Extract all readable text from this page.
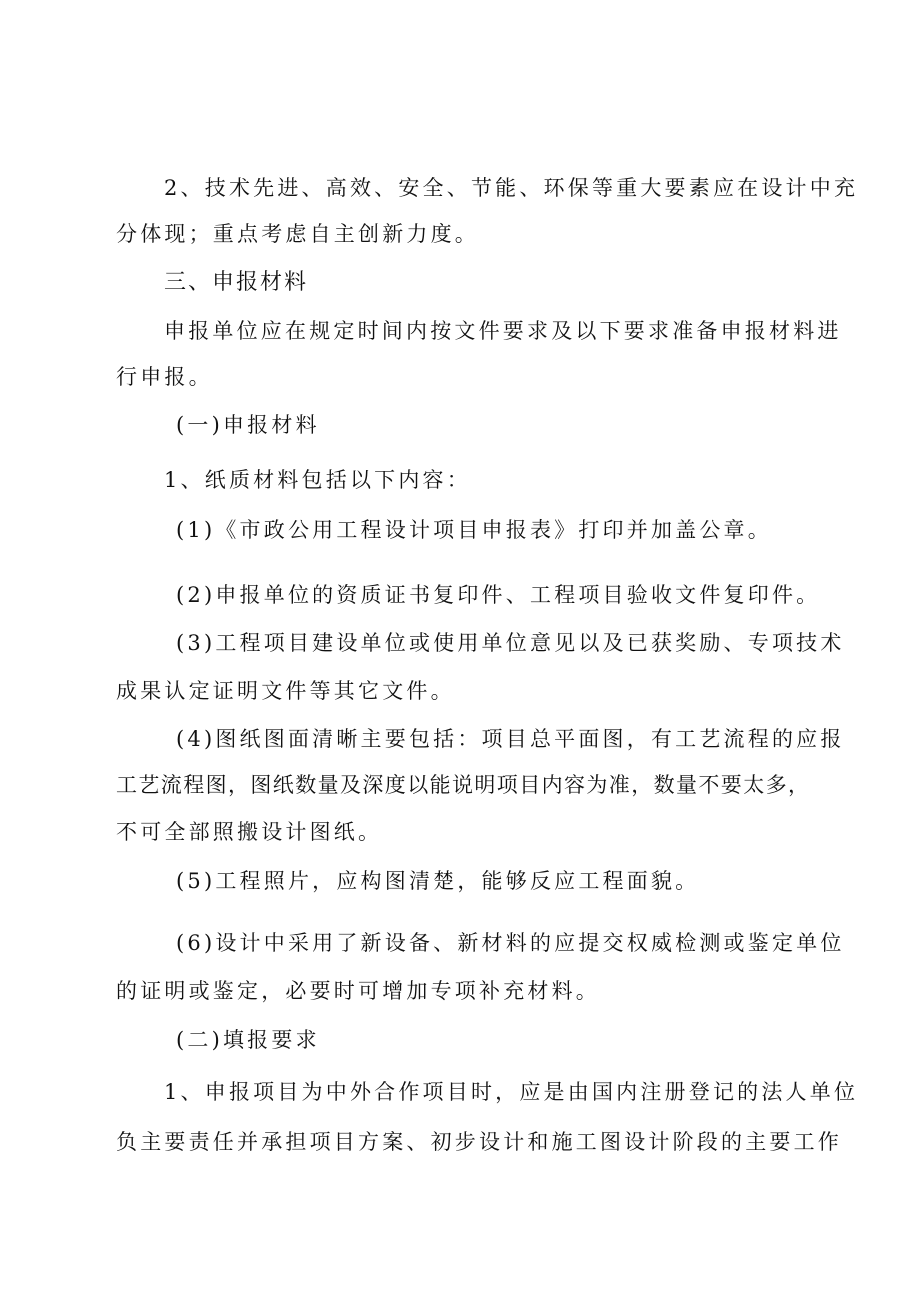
2、技术先进、高效、安全、节能、环保等重大要素应在设计中充
分体现；重点考虑自主创新力度。
三、申报材料
申报单位应在规定时间内按文件要求及以下要求准备申报材料进
行申报。
(一)申报材料
1、纸质材料包括以下内容：
(1)《市政公用工程设计项目申报表》打印并加盖公章。
(2)申报单位的资质证书复印件、工程项目验收文件复印件。
(3)工程项目建设单位或使用单位意见以及已获奖励、专项技术
成果认定证明文件等其它文件。
(4)图纸图面清晰主要包括：项目总平面图，有工艺流程的应报
工艺流程图，图纸数量及深度以能说明项目内容为准，数量不要太多，
不可全部照搬设计图纸。
(5)工程照片，应构图清楚，能够反应工程面貌。
(6)设计中采用了新设备、新材料的应提交权威检测或鉴定单位
的证明或鉴定，必要时可增加专项补充材料。
(二)填报要求
1、申报项目为中外合作项目时，应是由国内注册登记的法人单位
负主要责任并承担项目方案、初步设计和施工图设计阶段的主要工作
